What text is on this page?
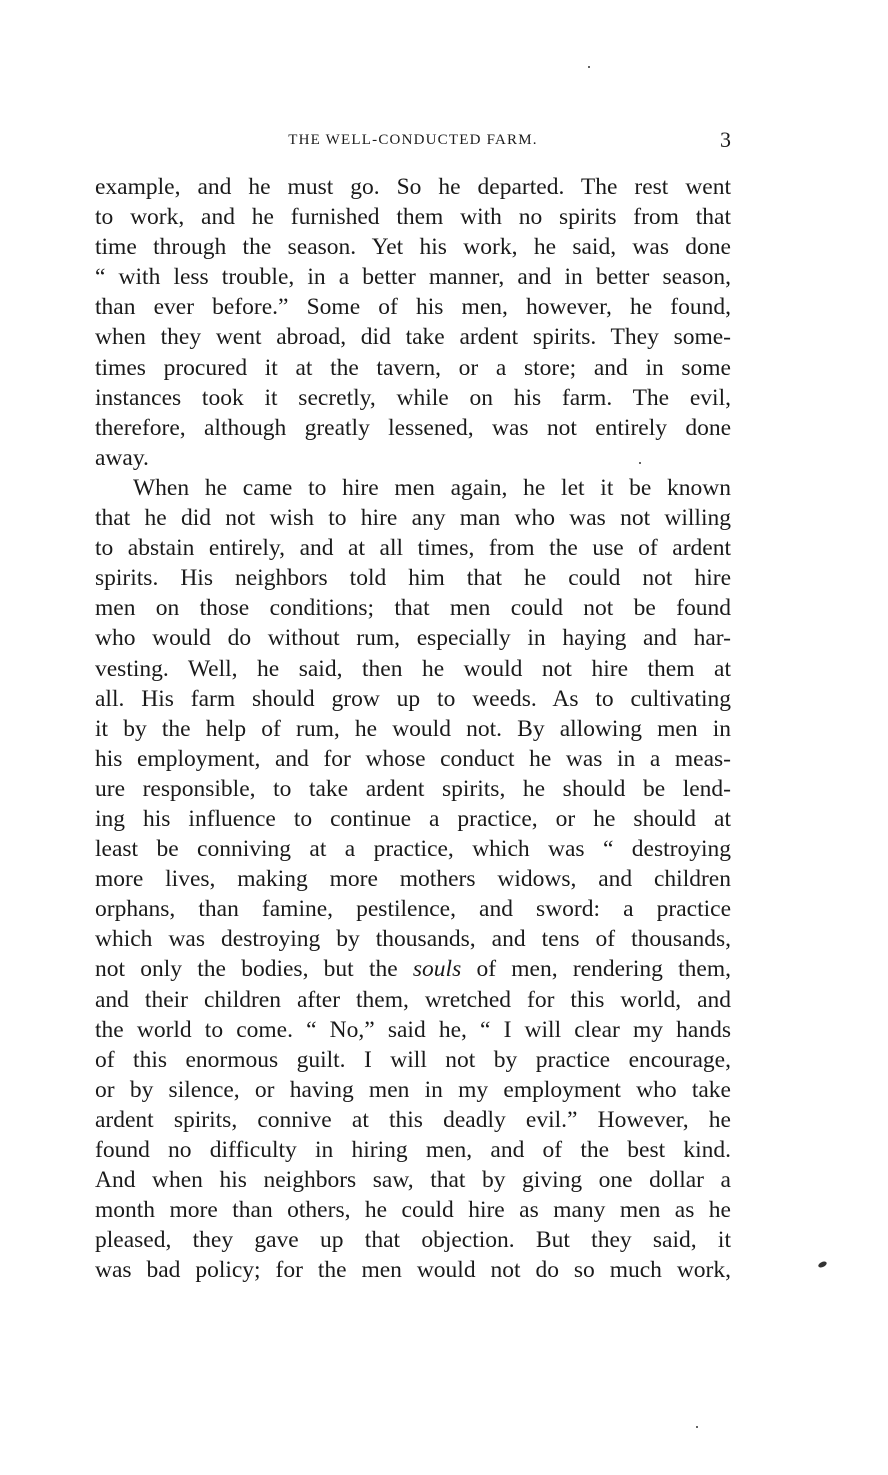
THE WELL-CONDUCTED FARM.	3
example, and he must go. So he departed. The rest went
to work, and he furnished them with no spirits from that
time through the season. Yet his work, he said, was done
“ with less trouble, in a better manner, and in better season,
than ever before.” Some of his men, however, he found,
when they went abroad, did take ardent spirits. They some-
times procured it at the tavern, or a store; and in some
instances took it secretly, while on his farm. The evil,
therefore, although greatly lessened, was not entirely done
away.
When he came to hire men again, he let it be known
that he did not wish to hire any man who was not willing
to abstain entirely, and at all times, from the use of ardent
spirits. His neighbors told him that he could not hire
men on those conditions; that men could not be found
who would do without rum, especially in haying and har-
vesting. Well, he said, then he would not hire them at
all. His farm should grow up to weeds. As to cultivating
it by the help of rum, he would not. By allowing men in
his employment, and for whose conduct he was in a meas-
ure responsible, to take ardent spirits, he should be lend-
ing his influence to continue a practice, or he should at
least be conniving at a practice, which was “ destroying
more lives, making more mothers widows, and children
orphans, than famine, pestilence, and sword: a practice
which was destroying by thousands, and tens of thousands,
not only the bodies, but the souls of men, rendering them,
and their children after them, wretched for this world, and
the world to come. “ No,” said he, “ I will clear my hands
of this enormous guilt. I will not by practice encourage,
or by silence, or having men in my employment who take
ardent spirits, connive at this deadly evil.” However, he
found no difficulty in hiring men, and of the best kind.
And when his neighbors saw, that by giving one dollar a
month more than others, he could hire as many men as he
pleased, they gave up that objection. But they said, it
was bad policy; for the men would not do so much work,
